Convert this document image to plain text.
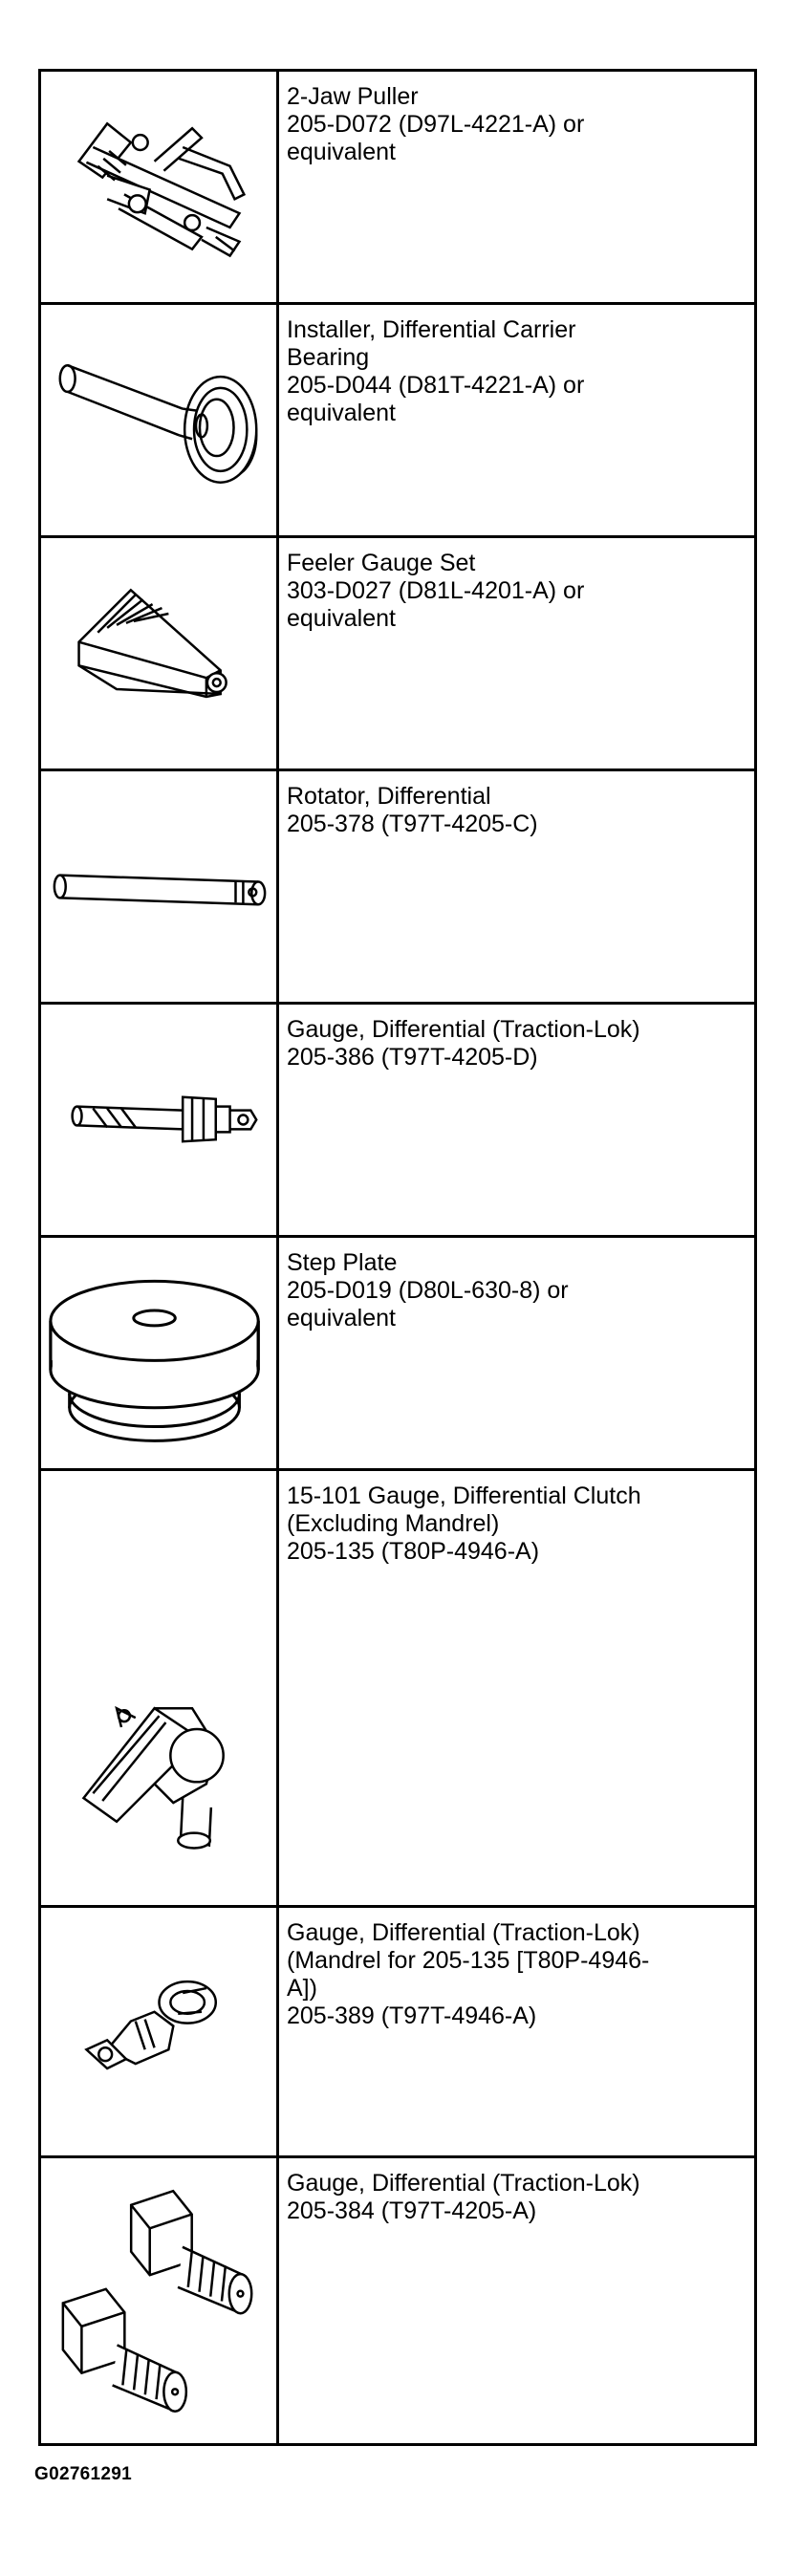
2-Jaw Puller
205-D072 (D97L-4221-A) or
equivalent
Installer, Differential Carrier
Bearing
205-D044 (D81T-4221-A) or
equivalent
Feeler Gauge Set
303-D027 (D81L-4201-A) or
equivalent
Rotator, Differential
205-378 (T97T-4205-C)
Gauge, Differential (Traction-Lok)
205-386 (T97T-4205-D)
Step Plate
205-D019 (D80L-630-8) or
equivalent
15-101 Gauge, Differential Clutch
(Excluding Mandrel)
205-135 (T80P-4946-A)
Gauge, Differential (Traction-Lok)
(Mandrel for 205-135 [T80P-4946-
A])
205-389 (T97T-4946-A)
Gauge, Differential (Traction-Lok)
205-384 (T97T-4205-A)
G02761291
